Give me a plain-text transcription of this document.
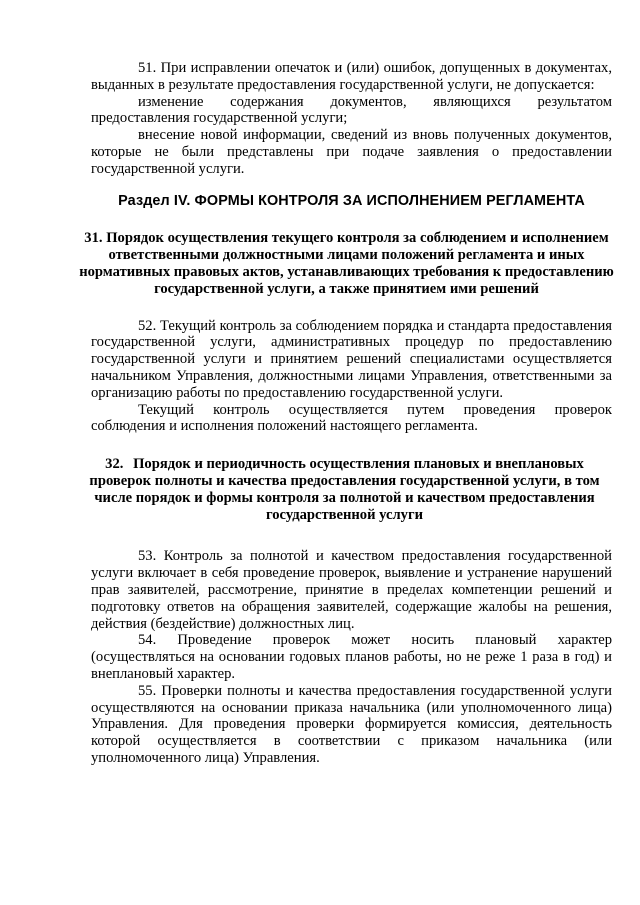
51. При исправлении опечаток и (или) ошибок, допущенных в документах, выданных в результате предоставления государственной услуги, не допускается:

изменение содержания документов, являющихся результатом предоставления государственной услуги;

внесение новой информации, сведений из вновь полученных документов, которые не были представлены при подаче заявления о предоставлении государственной услуги.

Раздел IV. ФОРМЫ КОНТРОЛЯ ЗА ИСПОЛНЕНИЕМ РЕГЛАМЕНТА
31. Порядок осуществления текущего контроля за соблюдением и исполнением ответственными должностными лицами положений регламента и иных нормативных правовых актов, устанавливающих требования к предоставлению государственной услуги, а также принятием ими решений

52. Текущий контроль за соблюдением порядка и стандарта предоставления государственной услуги, административных процедур по предоставлению государственной услуги и принятием решений специалистами осуществляется начальником Управления, должностными лицами Управления, ответственными за организацию работы по предоставлению государственной услуги.

Текущий контроль осуществляется путем проведения проверок соблюдения и исполнения положений настоящего регламента.

32. Порядок и периодичность осуществления плановых и внеплановых проверок полноты и качества предоставления государственной услуги, в том числе порядок и формы контроля за полнотой и качеством предоставления государственной услуги

53. Контроль за полнотой и качеством предоставления государственной услуги включает в себя проведение проверок, выявление и устранение нарушений прав заявителей, рассмотрение, принятие в пределах компетенции решений и подготовку ответов на обращения заявителей, содержащие жалобы на решения, действия (бездействие) должностных лиц.

54. Проведение проверок может носить плановый характер (осуществляться на основании годовых планов работы, но не реже 1 раза в год) и внеплановый характер.

55. Проверки полноты и качества предоставления государственной услуги осуществляются на основании приказа начальника (или уполномоченного лица) Управления. Для проведения проверки формируется комиссия, деятельность которой осуществляется в соответствии с приказом начальника (или уполномоченного лица) Управления.
